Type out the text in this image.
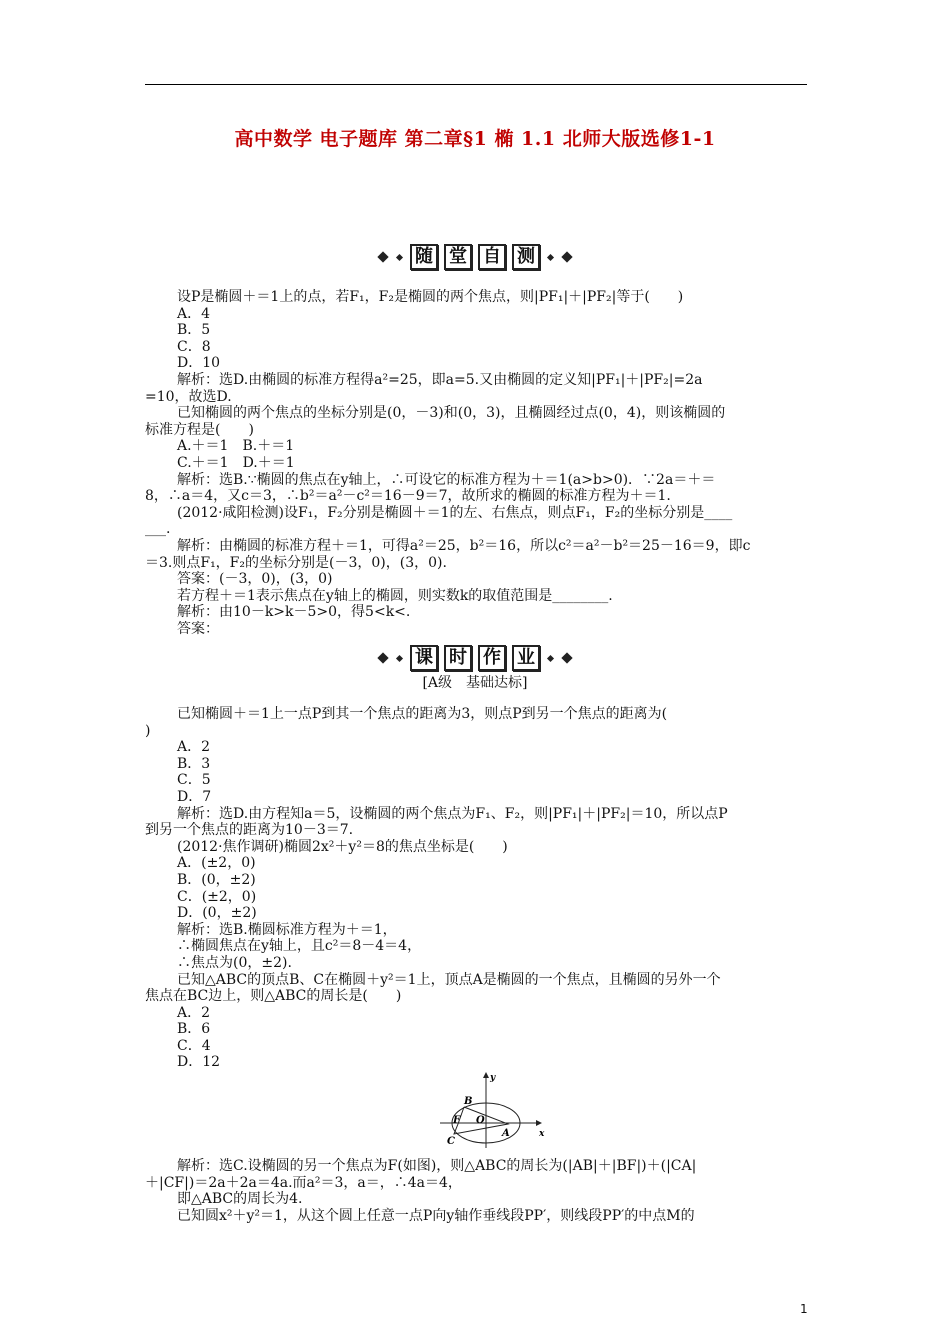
高中数学 电子题库 第二章§1 椭 1.1 北师大版选修1-1
随 堂 自 测

设P是椭圆＋＝1上的点，若F₁，F₂是椭圆的两个焦点，则|PF₁|＋|PF₂|等于(　　)

A．4

B．5

C．8

D．10

解析：选D.由椭圆的标准方程得a²=25，即a=5.又由椭圆的定义知|PF₁|＋|PF₂|=2a

=10，故选D.

已知椭圆的两个焦点的坐标分别是(0，－3)和(0，3)，且椭圆经过点(0，4)，则该椭圆的

标准方程是(　　)

A.＋＝1　B.＋＝1

C.＋＝1　D.＋＝1

解析：选B.∵椭圆的焦点在y轴上，∴可设它的标准方程为＋＝1(a>b>0)．∵2a＝＋＝

8，∴a＝4，又c＝3，∴b²＝a²－c²＝16－9＝7，故所求的椭圆的标准方程为＋＝1.

(2012·咸阳检测)设F₁，F₂分别是椭圆＋＝1的左、右焦点，则点F₁，F₂的坐标分别是____

___.

解析：由椭圆的标准方程＋＝1，可得a²＝25，b²＝16，所以c²＝a²－b²＝25－16＝9，即c

＝3.则点F₁，F₂的坐标分别是(－3，0)，(3，0).

答案：(－3，0)，(3，0)

若方程＋＝1表示焦点在y轴上的椭圆，则实数k的取值范围是________.

解析：由10－k>k－5>0，得5<k<.

答案：

课 时 作 业
[A级　基础达标]

已知椭圆＋＝1上一点P到其一个焦点的距离为3，则点P到另一个焦点的距离为(

)

A．2

B．3

C．5

D．7

解析：选D.由方程知a＝5，设椭圆的两个焦点为F₁、F₂，则|PF₁|＋|PF₂|＝10，所以点P

到另一个焦点的距离为10－3＝7.

(2012·焦作调研)椭圆2x²＋y²＝8的焦点坐标是(　　)

A．(±2，0)

B．(0，±2)

C．(±2，0)

D．(0，±2)

解析：选B.椭圆标准方程为＋＝1，

∴椭圆焦点在y轴上，且c²＝8－4＝4，

∴焦点为(0，±2).

已知△ABC的顶点B、C在椭圆＋y²＝1上，顶点A是椭圆的一个焦点，且椭圆的另外一个

焦点在BC边上，则△ABC的周长是(　　)

A．2

B．6

C．4

D．12

y
x
B
F O
A
C

解析：选C.设椭圆的另一个焦点为F(如图)，则△ABC的周长为(|AB|＋|BF|)＋(|CA|

＋|CF|)＝2a＋2a＝4a.而a²＝3，a＝，∴4a＝4，

即△ABC的周长为4.

已知圆x²＋y²＝1，从这个圆上任意一点P向y轴作垂线段PP′，则线段PP′的中点M的

1
